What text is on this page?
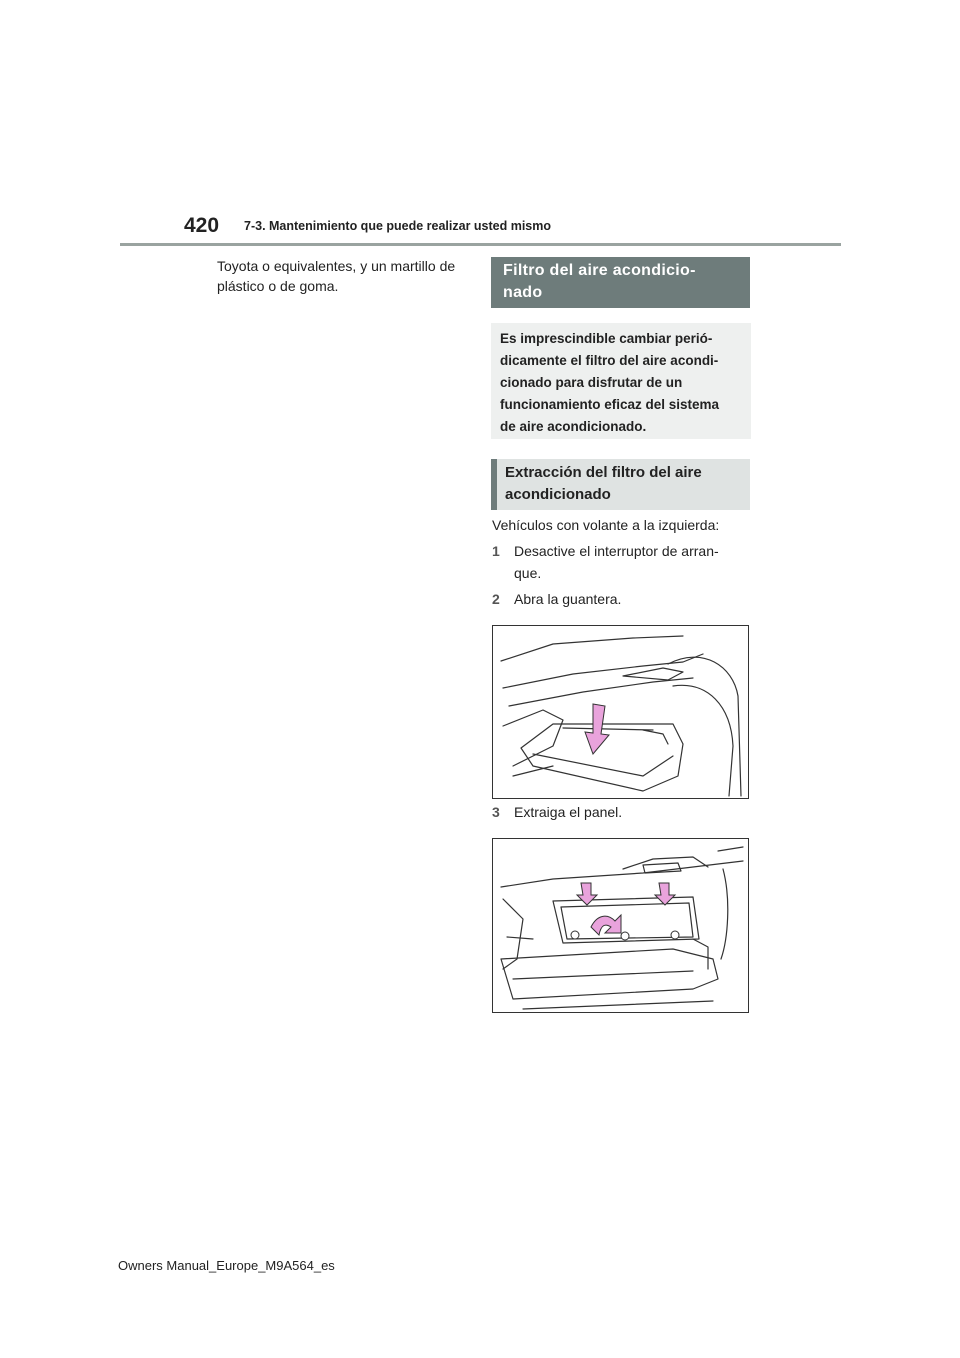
420 7-3. Mantenimiento que puede realizar usted mismo
Toyota o equivalentes, y un martillo de plástico o de goma.
Filtro del aire acondicio-
nado
Es imprescindible cambiar perió-
dicamente el filtro del aire acondi-
cionado para disfrutar de un
funcionamiento eficaz del sistema
de aire acondicionado.
Extracción del filtro del aire
acondicionado
Vehículos con volante a la izquierda:
1 Desactive el interruptor de arran-
que.
2 Abra la guantera.
3 Extraiga el panel.
Owners Manual_Europe_M9A564_es
